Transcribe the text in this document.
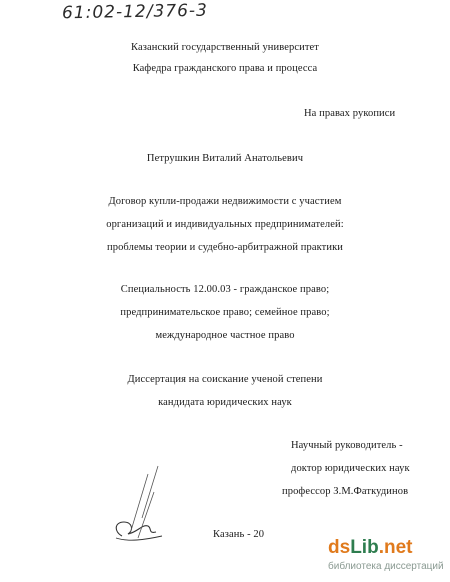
61:02-12/376-3
Казанский государственный университет
Кафедра гражданского права и процесса
На правах рукописи
Петрушкин Виталий Анатольевич
Договор купли-продажи недвижимости с участием
организаций и индивидуальных предпринимателей:
проблемы теории и судебно-арбитражной практики
Специальность 12.00.03 - гражданское право;
предпринимательское право; семейное право;
международное частное право
Диссертация на соискание ученой степени
кандидата юридических наук
Научный руководитель -
доктор юридических наук
профессор З.М.Фаткудинов
Казань - 20
dsLib.net
библиотека диссертаций
